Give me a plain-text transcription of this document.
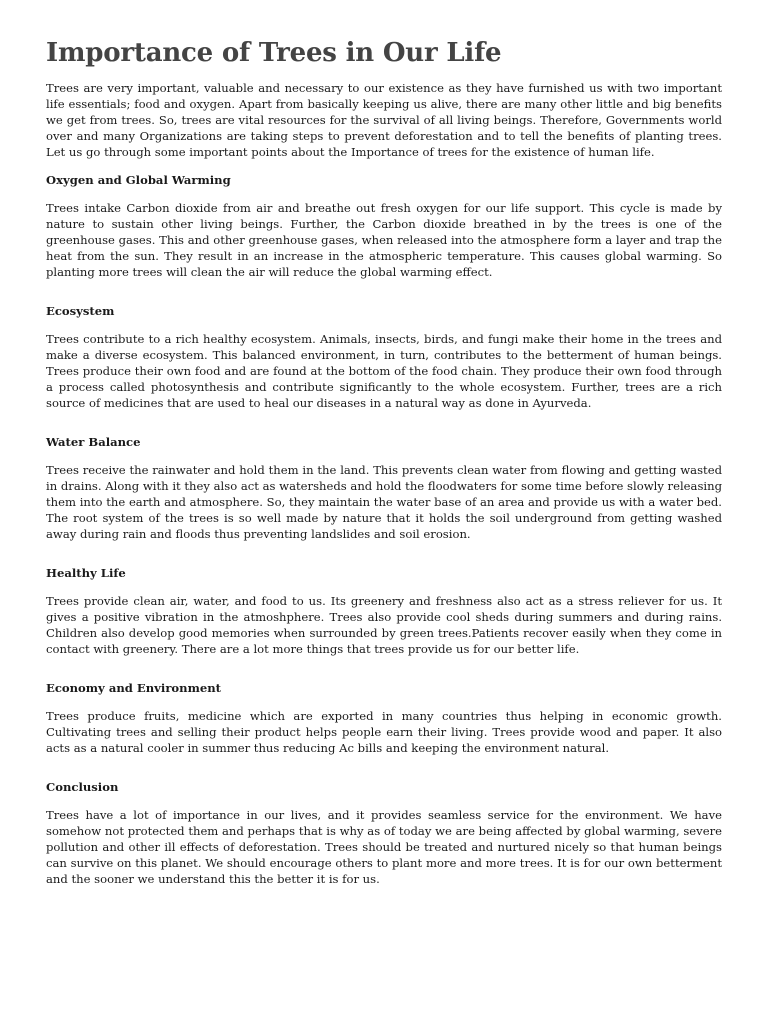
Importance of Trees in Our Life

Trees are very important, valuable and necessary to our existence as they have furnished us with two important life essentials; food and oxygen. Apart from basically keeping us alive, there are many other little and big benefits we get from trees. So, trees are vital resources for the survival of all living beings. Therefore, Governments world over and many Organizations are taking steps to prevent deforestation and to tell the benefits of planting trees. Let us go through some important points about the Importance of trees for the existence of human life.

Oxygen and Global Warming

Trees intake Carbon dioxide from air and breathe out fresh oxygen for our life support. This cycle is made by nature to sustain other living beings. Further, the Carbon dioxide breathed in by the trees is one of the greenhouse gases. This and other greenhouse gases, when released into the atmosphere form a layer and trap the heat from the sun. They result in an increase in the atmospheric temperature. This causes global warming. So planting more trees will clean the air will reduce the global warming effect.

Ecosystem

Trees contribute to a rich healthy ecosystem. Animals, insects, birds, and fungi make their home in the trees and make a diverse ecosystem. This balanced environment, in turn, contributes to the betterment of human beings. Trees produce their own food and are found at the bottom of the food chain. They produce their own food through a process called photosynthesis and contribute significantly to the whole ecosystem. Further, trees are a rich source of medicines that are used to heal our diseases in a natural way as done in Ayurveda.

Water Balance

Trees receive the rainwater and hold them in the land. This prevents clean water from flowing and getting wasted in drains. Along with it they also act as watersheds and hold the floodwaters for some time before slowly releasing them into the earth and atmosphere. So, they maintain the water base of an area and provide us with a water bed. The root system of the trees is so well made by nature that it holds the soil underground from getting washed away during rain and floods thus preventing landslides and soil erosion.

Healthy Life

Trees provide clean air, water, and food to us. Its greenery and freshness also act as a stress reliever for us. It gives a positive vibration in the atmoshphere. Trees also provide cool sheds during summers and during rains. Children also develop good memories when surrounded by green trees.Patients recover easily when they come in contact with greenery. There are a lot more things that trees provide us for our better life.

Economy and Environment

Trees produce fruits, medicine which are exported in many countries thus helping in economic growth. Cultivating trees and selling their product helps people earn their living. Trees provide wood and paper. It also acts as a natural cooler in summer thus reducing Ac bills and keeping the environment natural.

Conclusion

Trees have a lot of importance in our lives, and it provides seamless service for the environment. We have somehow not protected them and perhaps that is why as of today we are being affected by global warming, severe pollution and other ill effects of deforestation. Trees should be treated and nurtured nicely so that human beings can survive on this planet. We should encourage others to plant more and more trees. It is for our own betterment and the sooner we understand this the better it is for us.
